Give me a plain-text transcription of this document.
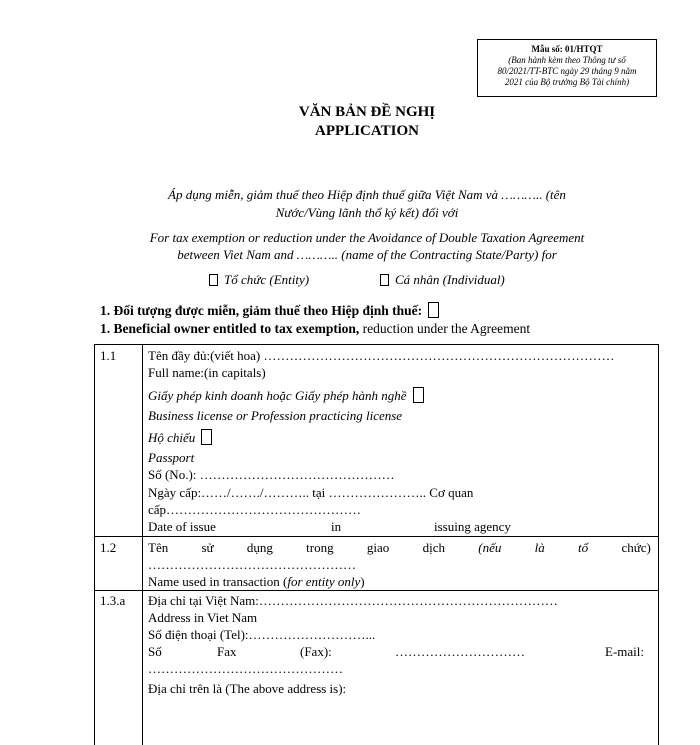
Mẫu số: 01/HTQT
(Ban hành kèm theo Thông tư số
80/2021/TT-BTC ngày 29 tháng 9 năm
2021 của Bộ trưởng Bộ Tài chính)
VĂN BẢN ĐỀ NGHỊ
APPLICATION
Áp dụng miễn, giảm thuế theo Hiệp định thuế giữa Việt Nam và ……….. (tên
Nước/Vùng lãnh thổ ký kết) đối với
For tax exemption or reduction under the Avoidance of Double Taxation Agreement
between Viet Nam and ……….. (name of the Contracting State/Party) for
Tổ chức (Entity)	Cá nhân (Individual)
1. Đối tượng được miễn, giảm thuế theo Hiệp định thuế:
1. Beneficial owner entitled to tax exemption, reduction under the Agreement
1.1 Tên đầy đủ:(viết hoa) ………………………………………………………………………
Full name:(in capitals)
Giấy phép kinh doanh hoặc Giấy phép hành nghề
Business license or Profession practicing license
Hộ chiếu
Passport
Số (No.): ………………………………………
Ngày cấp:……/……./……….. tại ………………….. Cơ quan
cấp………………………………………
Date of issue	in	issuing agency
1.2 Tên	sử	dụng	trong	giao	dịch	(nếu	là	tổ	chức)
…………………………………………
Name used in transaction (for entity only)
1.3.a Địa chỉ tại Việt Nam:……………………………………………………………
Address in Viet Nam
Số điện thoại (Tel):………………………...
Số	Fax	(Fax):	…………………………	E-mail:
………………………………………
Địa chỉ trên là (The above address is):
